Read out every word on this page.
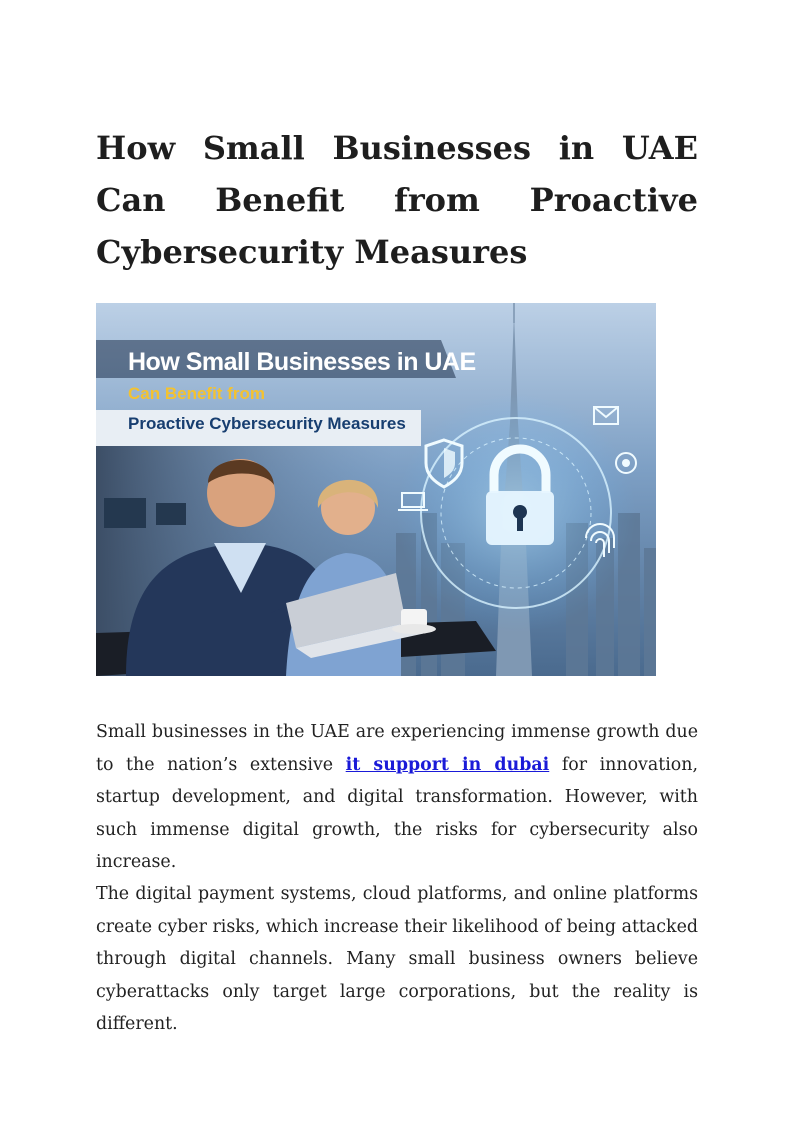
How Small Businesses in UAE Can Benefit from Proactive Cybersecurity Measures
How Small Businesses in UAE
Can Benefit from
Proactive Cybersecurity Measures

Small businesses in the UAE are experiencing immense growth due to the nation’s extensive it support in dubai for innovation, startup development, and digital transformation. However, with such immense digital growth, the risks for cybersecurity also increase.

The digital payment systems, cloud platforms, and online platforms create cyber risks, which increase their likelihood of being attacked through digital channels. Many small business owners believe cyberattacks only target large corporations, but the reality is different.
